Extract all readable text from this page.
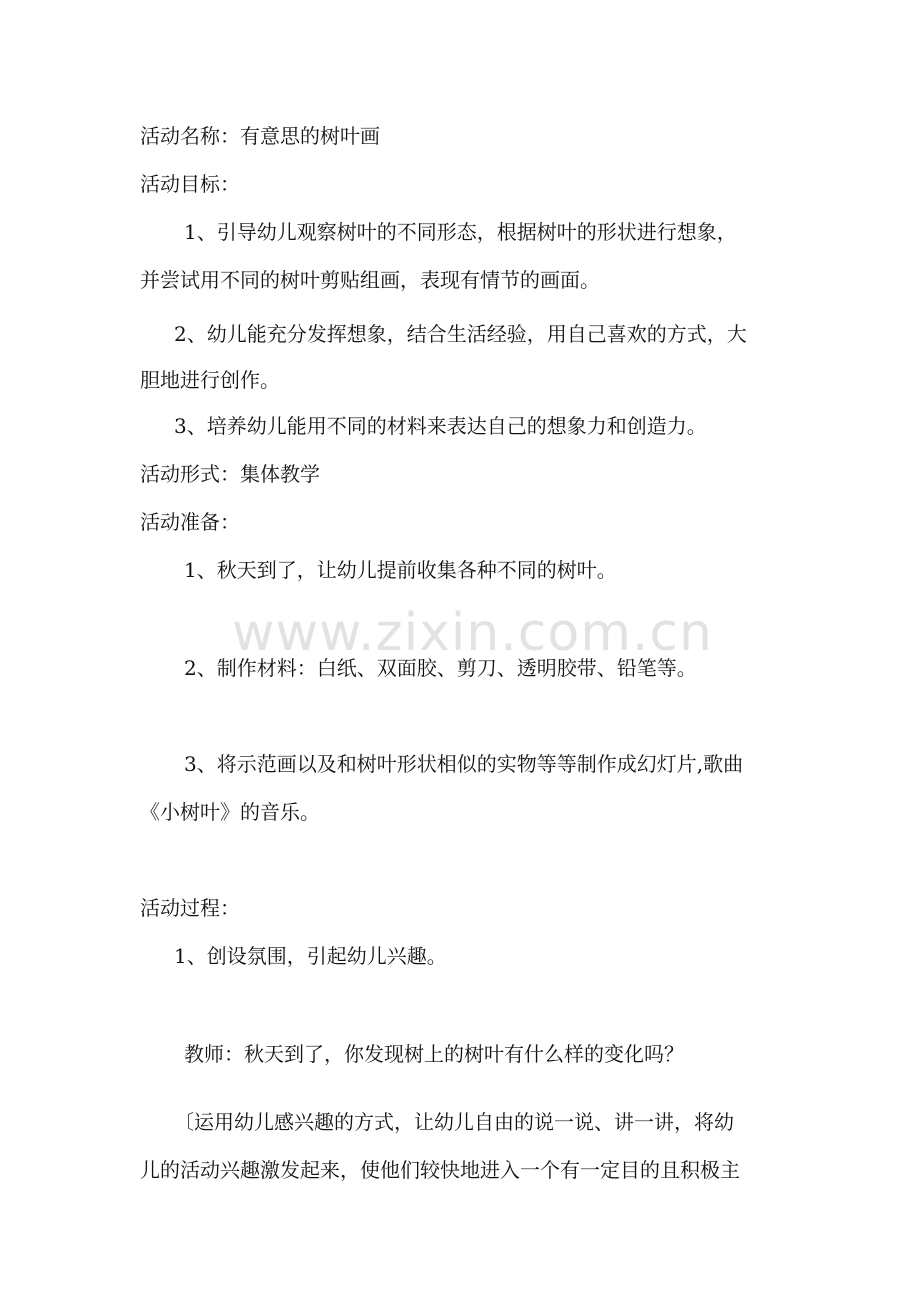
www.zixin.com.cn
活动名称：有意思的树叶画
活动目标：
1、引导幼儿观察树叶的不同形态，根据树叶的形状进行想象，
并尝试用不同的树叶剪贴组画，表现有情节的画面。
2、幼儿能充分发挥想象，结合生活经验，用自己喜欢的方式，大
胆地进行创作。
3、培养幼儿能用不同的材料来表达自己的想象力和创造力。
活动形式：集体教学
活动准备：
1、秋天到了，让幼儿提前收集各种不同的树叶。
2、制作材料：白纸、双面胶、剪刀、透明胶带、铅笔等。
3、将示范画以及和树叶形状相似的实物等等制作成幻灯片,歌曲
《小树叶》的音乐。
活动过程：
1、创设氛围，引起幼儿兴趣。
教师：秋天到了，你发现树上的树叶有什么样的变化吗？
〔运用幼儿感兴趣的方式，让幼儿自由的说一说、讲一讲，将幼
儿的活动兴趣激发起来，使他们较快地进入一个有一定目的且积极主
